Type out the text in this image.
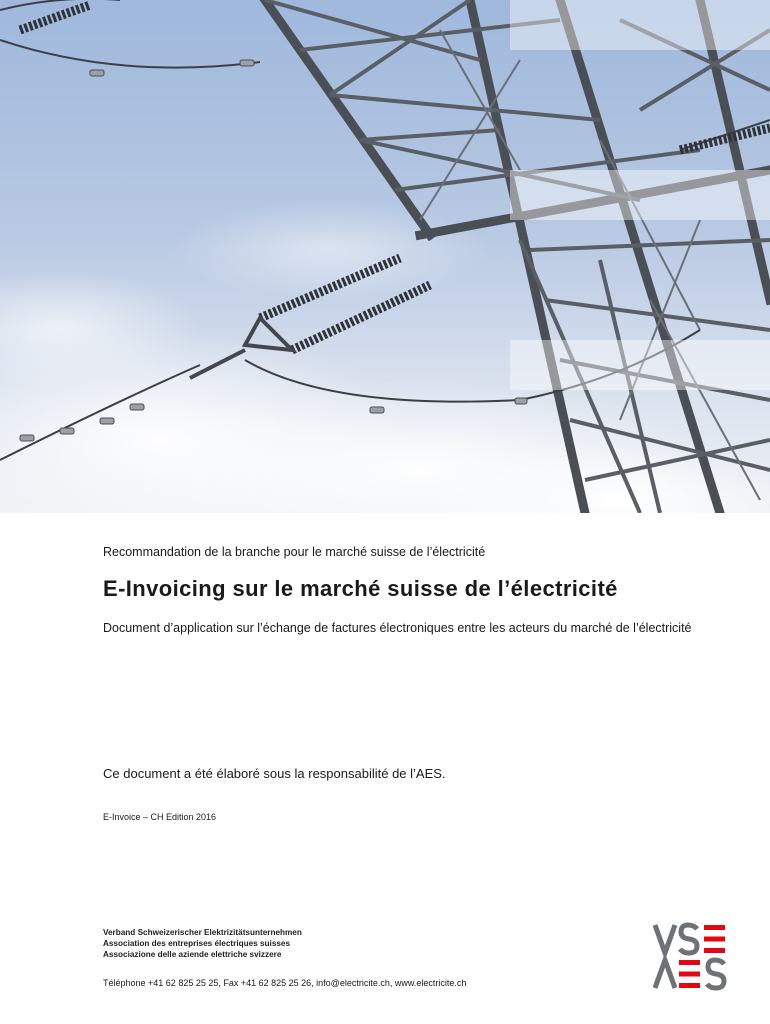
Recommandation de la branche pour le marché suisse de l’électricité
E-Invoicing sur le marché suisse de l’électricité
Document d’application sur l’échange de factures électroniques entre les acteurs du marché de l’électricité
Ce document a été élaboré sous la responsabilité de l’AES.
E-Invoice – CH Edition 2016
Verband Schweizerischer Elektrizitätsunternehmen
Association des entreprises électriques suisses
Associazione delle aziende elettriche svizzere
Téléphone +41 62 825 25 25, Fax +41 62 825 25 26, info@electricite.ch, www.electricite.ch
